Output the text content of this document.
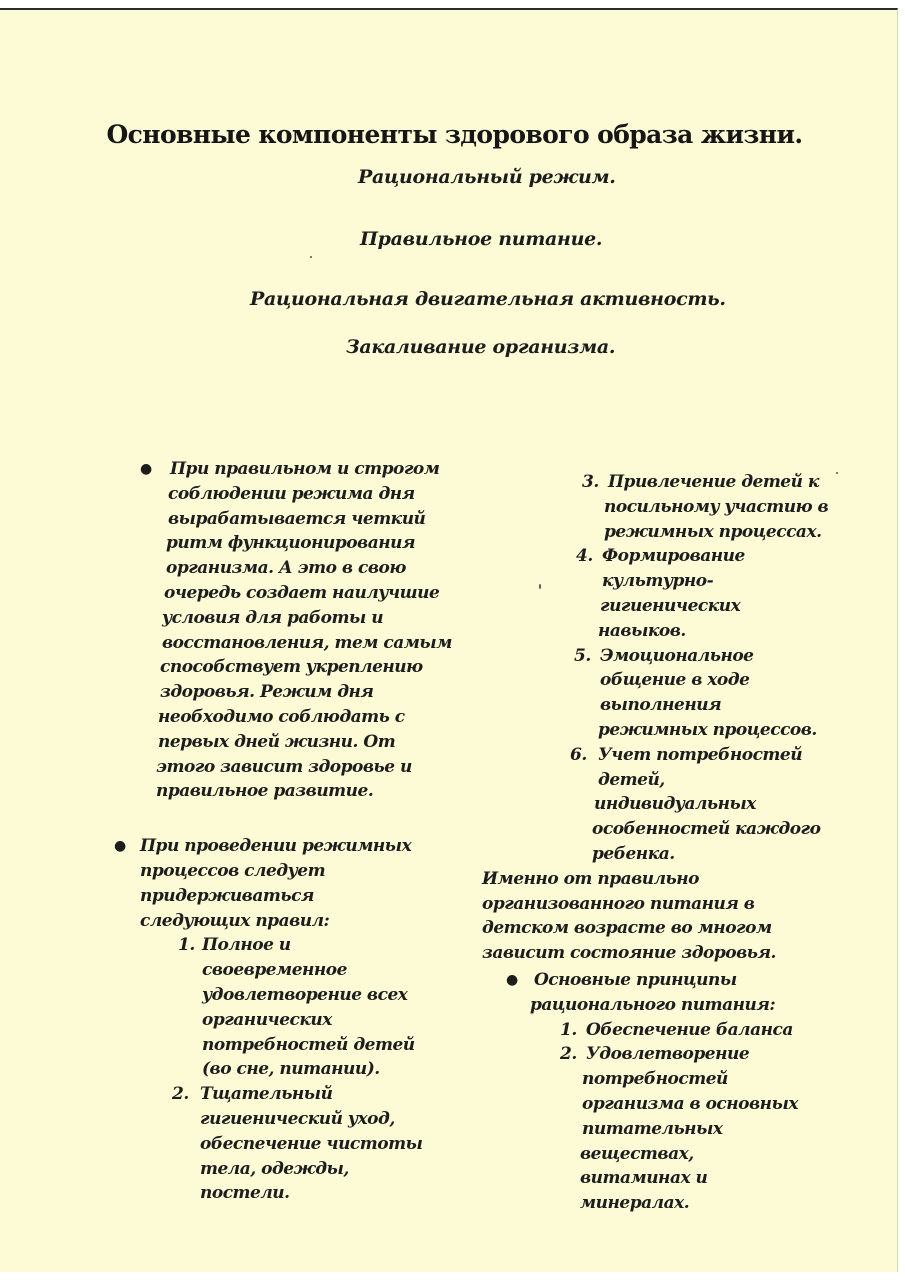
Основные компоненты здорового образа жизни.
Рациональный режим.
Правильное питание.
Рациональная двигательная активность.
Закаливание организма.
● При правильном и строгом

соблюдении режима дня

вырабатывается четкий

ритм функционирования

организма. А это в свою

очередь создает наилучшие

условия для работы и

восстановления, тем самым

способствует укреплению

здоровья. Режим дня

необходимо соблюдать с

первых дней жизни. От

этого зависит здоровье и

правильное развитие.

● При проведении режимных

процессов следует

придерживаться

следующих правил:

1. Полное и

своевременное

удовлетворение всех

органических

потребностей детей

(во сне, питании).

2. Тщательный

гигиенический уход,

обеспечение чистоты

тела, одежды,

постели.

3. Привлечение детей к

посильному участию в

режимных процессах.

4. Формирование

культурно-

гигиенических

навыков.

5. Эмоциональное

общение в ходе

выполнения

режимных процессов.

6. Учет потребностей

детей,

индивидуальных

особенностей каждого

ребенка.

Именно от правильно

организованного питания в

детском возрасте во многом

зависит состояние здоровья.

● Основные принципы

рационального питания:

1. Обеспечение баланса

2. Удовлетворение

потребностей

организма в основных

питательных

веществах,

витаминах и

минералах.
